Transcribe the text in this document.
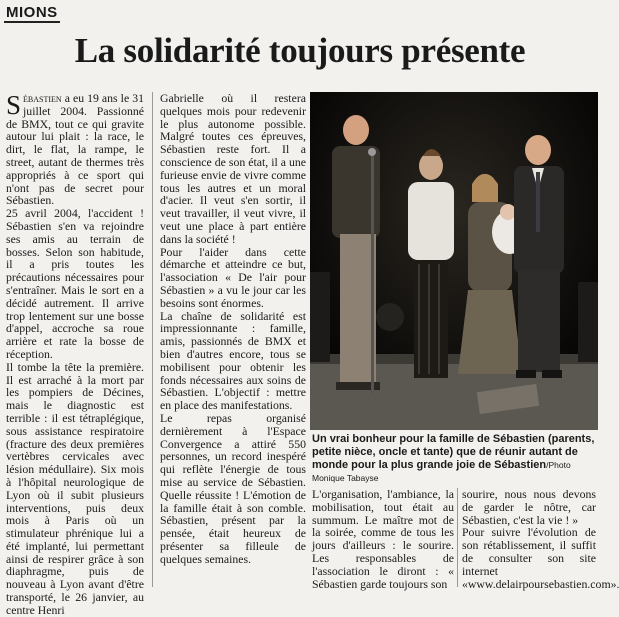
MIONS
La solidarité toujours présente

Sébastien a eu 19 ans le 31 juillet 2004. Passionné de BMX, tout ce qui gravite autour lui plait : la race, le dirt, le flat, la rampe, le street, autant de thermes très appropriés à ce sport qui n'ont pas de secret pour Sébastien.

25 avril 2004, l'accident ! Sébastien s'en va rejoindre ses amis au terrain de bosses. Selon son habitude, il a pris toutes les précautions nécessaires pour s'entraîner. Mais le sort en a décidé autrement. Il arrive trop lentement sur une bosse d'appel, accroche sa roue arrière et rate la bosse de réception.

Il tombe la tête la première. Il est arraché à la mort par les pompiers de Décines, mais le diagnostic est terrible : il est tétraplégique, sous assistance respiratoire (fracture des deux premières vertèbres cervicales avec lésion médullaire). Six mois à l'hôpital neurologique de Lyon où il subit plusieurs interventions, puis deux mois à Paris où un stimulateur phrénique lui a été implanté, lui permettant ainsi de respirer grâce à son diaphragme, puis de nouveau à Lyon avant d'être transporté, le 26 janvier, au centre Henri

Gabrielle où il restera quelques mois pour redevenir le plus autonome possible. Malgré toutes ces épreuves, Sébastien reste fort. Il a conscience de son état, il a une furieuse envie de vivre comme tous les autres et un moral d'acier. Il veut s'en sortir, il veut travailler, il veut vivre, il veut une place à part entière dans la société !

Pour l'aider dans cette démarche et atteindre ce but, l'association « De l'air pour Sébastien » a vu le jour car les besoins sont énormes.

La chaîne de solidarité est impressionnante : famille, amis, passionnés de BMX et bien d'autres encore, tous se mobilisent pour obtenir les fonds nécessaires aux soins de Sébastien. L'objectif : mettre en place des manifestations.

Le repas organisé dernièrement à l'Espace Convergence a attiré 550 personnes, un record inespéré qui reflète l'énergie de tous mise au service de Sébastien. Quelle réussite ! L'émotion de la famille était à son comble. Sébastien, présent par la pensée, était heureux de présenter sa filleule de quelques semaines.

Un vrai bonheur pour la famille de Sébastien (parents, petite nièce, oncle et tante) que de réunir autant de monde pour la plus grande joie de Sébastien/Photo Monique Tabayse

L'organisation, l'ambiance, la mobilisation, tout était au summum. Le maître mot de la soirée, comme de tous les jours d'ailleurs : le sourire. Les responsables de l'association le diront : « Sébastien garde toujours son

sourire, nous nous devons de garder le nôtre, car Sébastien, c'est la vie ! »

Pour suivre l'évolution de son rétablissement, il suffit de consulter son site internet «www.delairpoursebastien.com».
